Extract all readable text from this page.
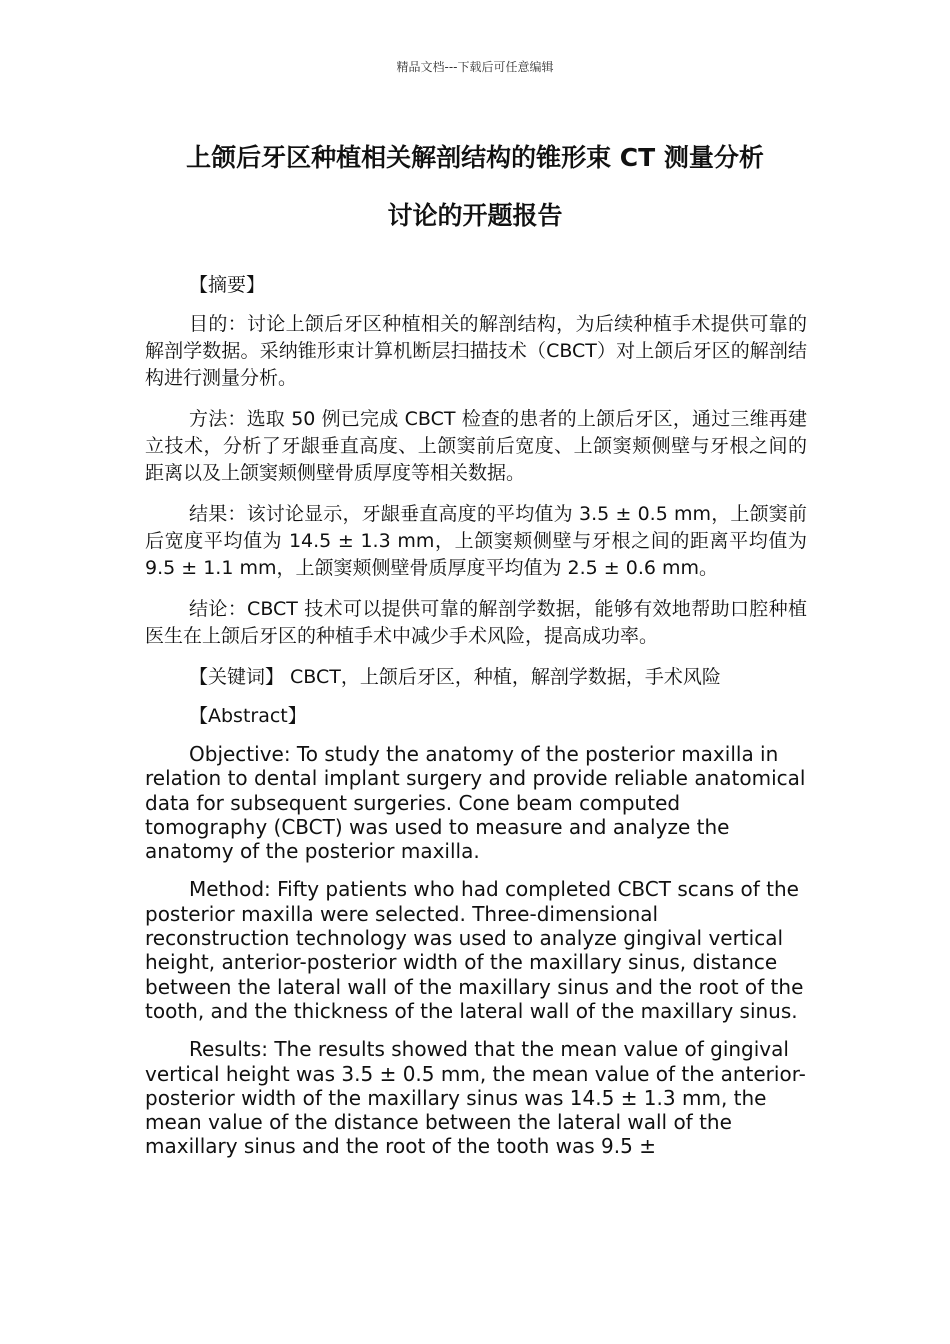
精品文档---下载后可任意编辑
上颌后牙区种植相关解剖结构的锥形束 CT 测量分析
讨论的开题报告

【摘要】

目的：讨论上颌后牙区种植相关的解剖结构，为后续种植手术提供可靠的解剖学数据。采纳锥形束计算机断层扫描技术（CBCT）对上颌后牙区的解剖结构进行测量分析。

方法：选取 50 例已完成 CBCT 检查的患者的上颌后牙区，通过三维再建立技术，分析了牙龈垂直高度、上颌窦前后宽度、上颌窦颊侧壁与牙根之间的距离以及上颌窦颊侧壁骨质厚度等相关数据。

结果：该讨论显示，牙龈垂直高度的平均值为 3.5 ± 0.5 mm，上颌窦前后宽度平均值为 14.5 ± 1.3 mm，上颌窦颊侧壁与牙根之间的距离平均值为 9.5 ± 1.1 mm，上颌窦颊侧壁骨质厚度平均值为 2.5 ± 0.6 mm。

结论：CBCT 技术可以提供可靠的解剖学数据，能够有效地帮助口腔种植医生在上颌后牙区的种植手术中减少手术风险，提高成功率。

【关键词】 CBCT，上颌后牙区，种植，解剖学数据，手术风险

【Abstract】

Objective: To study the anatomy of the posterior maxilla in relation to dental implant surgery and provide reliable anatomical data for subsequent surgeries. Cone beam computed tomography (CBCT) was used to measure and analyze the anatomy of the posterior maxilla.

Method: Fifty patients who had completed CBCT scans of the posterior maxilla were selected. Three-dimensional reconstruction technology was used to analyze gingival vertical height, anterior-posterior width of the maxillary sinus, distance between the lateral wall of the maxillary sinus and the root of the tooth, and the thickness of the lateral wall of the maxillary sinus.

Results: The results showed that the mean value of gingival vertical height was 3.5 ± 0.5 mm, the mean value of the anterior-posterior width of the maxillary sinus was 14.5 ± 1.3 mm, the mean value of the distance between the lateral wall of the maxillary sinus and the root of the tooth was 9.5 ±
